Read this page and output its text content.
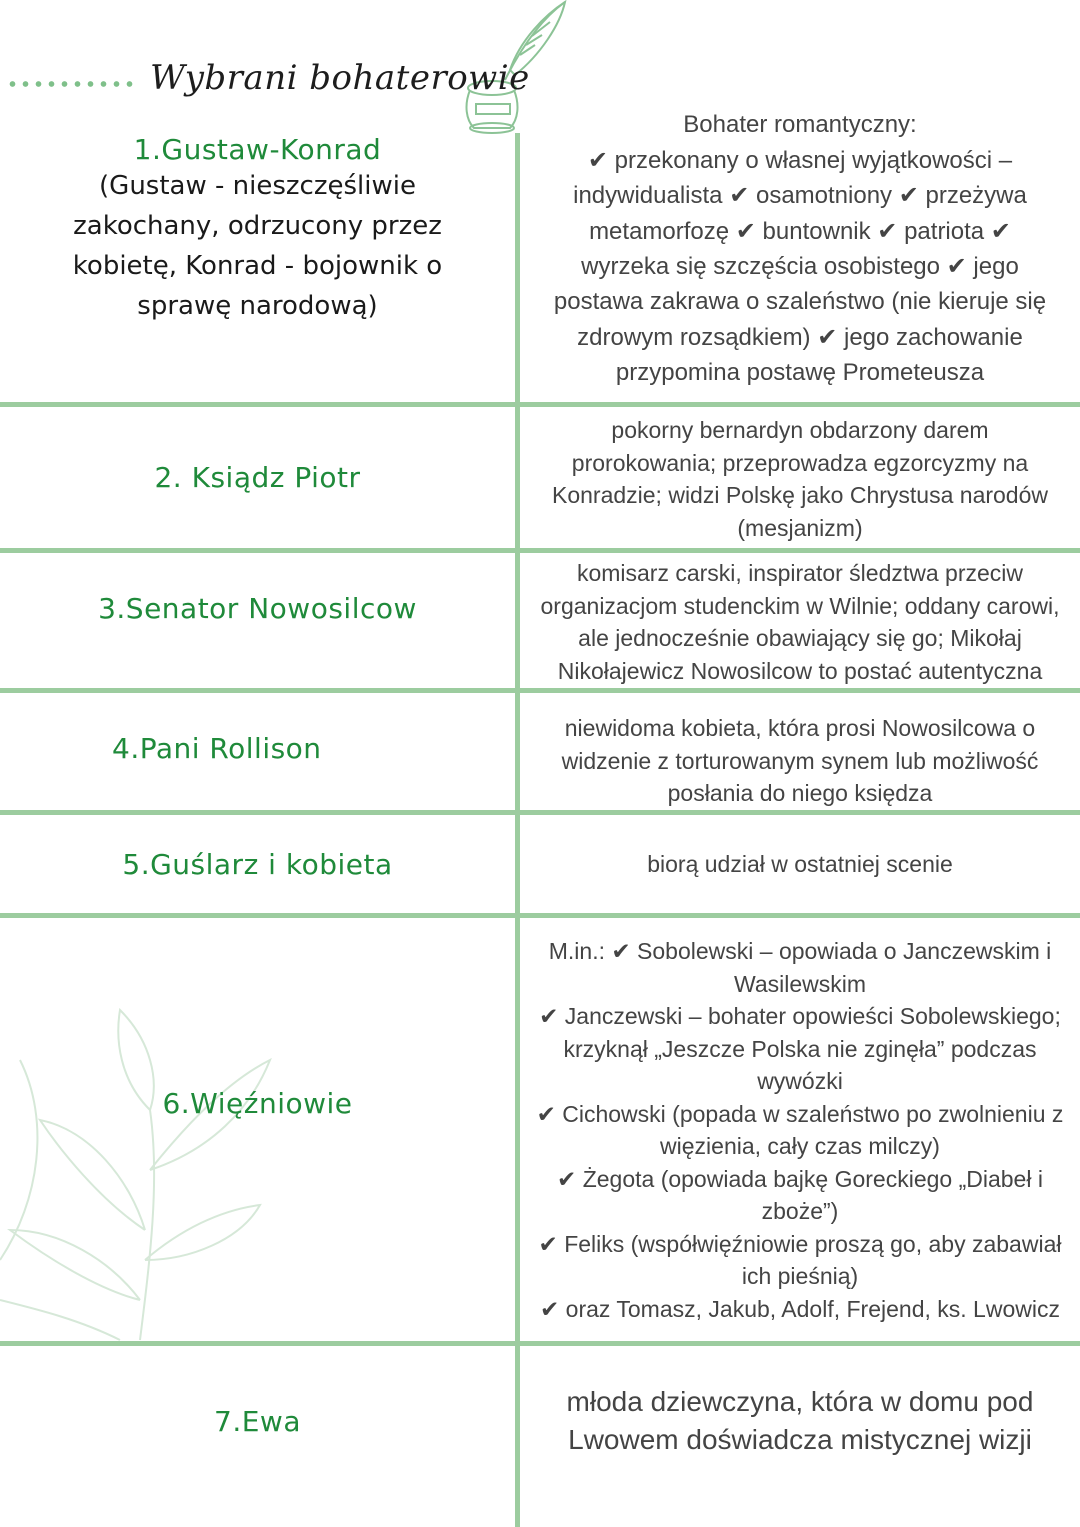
Wybrani bohaterowie
1.Gustaw-Konrad
(Gustaw - nieszczęśliwie
zakochany, odrzucony przez
kobietę, Konrad - bojownik o
sprawę narodową)
Bohater romantyczny:
✔ przekonany o własnej wyjątkowości –
indywidualista ✔ osamotniony ✔ przeżywa
metamorfozę ✔ buntownik ✔ patriota ✔
wyrzeka się szczęścia osobistego ✔ jego
postawa zakrawa o szaleństwo (nie kieruje się
zdrowym rozsądkiem) ✔ jego zachowanie
przypomina postawę Prometeusza
2. Ksiądz Piotr
pokorny bernardyn obdarzony darem
prorokowania; przeprowadza egzorcyzmy na
Konradzie; widzi Polskę jako Chrystusa narodów
(mesjanizm)
3.Senator Nowosilcow
komisarz carski, inspirator śledztwa przeciw
organizacjom studenckim w Wilnie; oddany carowi,
ale jednocześnie obawiający się go; Mikołaj
Nikołajewicz Nowosilcow to postać autentyczna
4.Pani Rollison
niewidoma kobieta, która prosi Nowosilcowa o
widzenie z torturowanym synem lub możliwość
posłania do niego księdza
5.Guślarz i kobieta	biorą udział w ostatniej scenie
6.Więźniowie
M.in.: ✔ Sobolewski – opowiada o Janczewskim i
Wasilewskim
✔ Janczewski – bohater opowieści Sobolewskiego;
krzyknął „Jeszcze Polska nie zginęła” podczas
wywózki
✔ Cichowski (popada w szaleństwo po zwolnieniu z
więzienia, cały czas milczy)
✔ Żegota (opowiada bajkę Goreckiego „Diabeł i
zboże”)
✔ Feliks (współwięźniowie proszą go, aby zabawiał
ich pieśnią)
✔ oraz Tomasz, Jakub, Adolf, Frejend, ks. Lwowicz
7.Ewa
młoda dziewczyna, która w domu pod
Lwowem doświadcza mistycznej wizji
